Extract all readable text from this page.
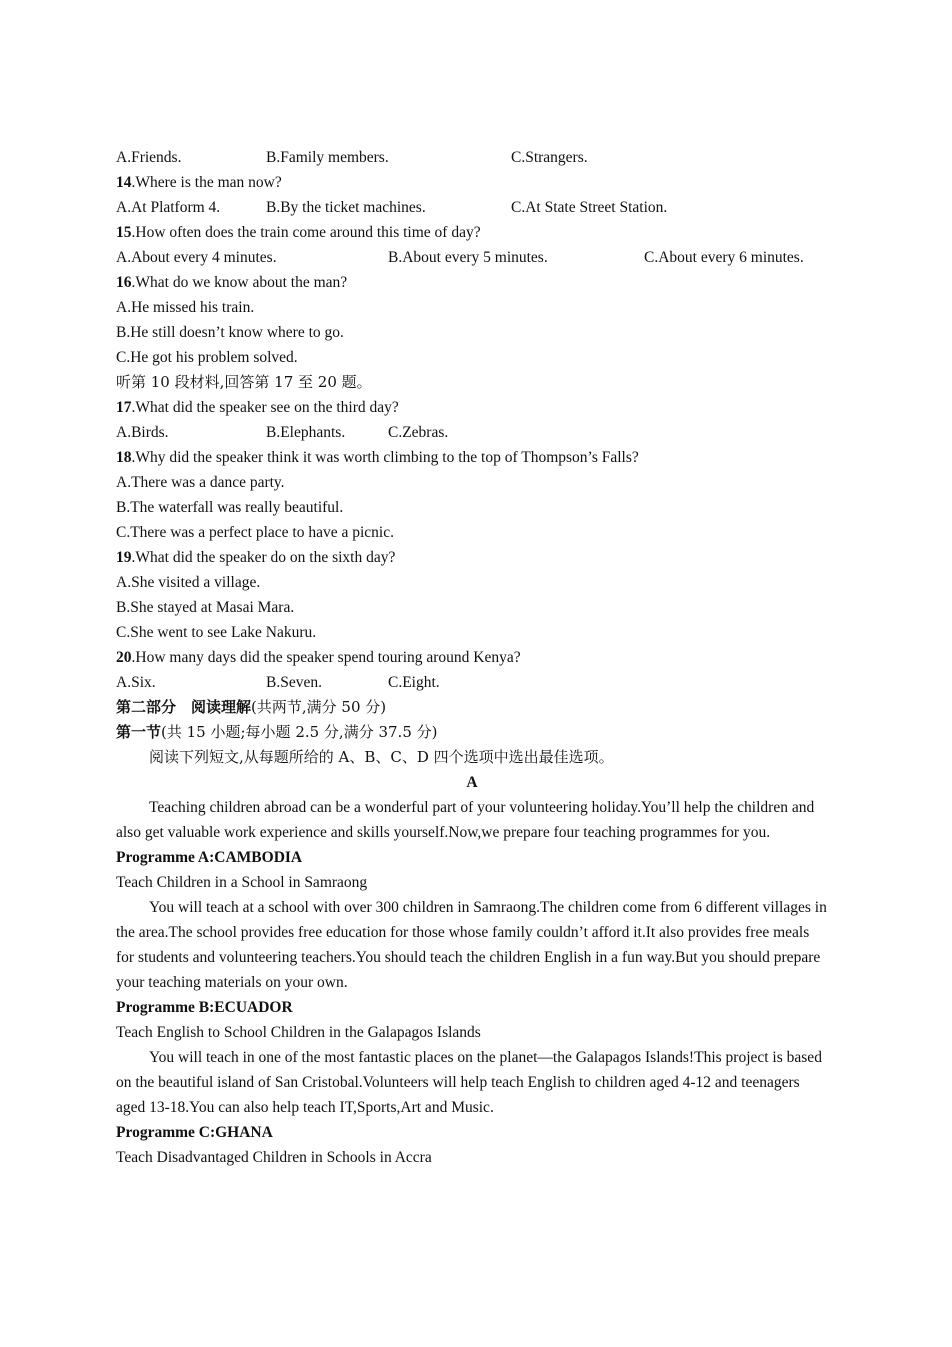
A.Friends.	B.Family members.	C.Strangers.
14.Where is the man now?
A.At Platform 4.	B.By the ticket machines.	C.At State Street Station.
15.How often does the train come around this time of day?
A.About every 4 minutes.	B.About every 5 minutes.	C.About every 6 minutes.
16.What do we know about the man?
A.He missed his train.
B.He still doesn’t know where to go.
C.He got his problem solved.
听第 10 段材料,回答第 17 至 20 题。
17.What did the speaker see on the third day?
A.Birds.	B.Elephants.	C.Zebras.
18.Why did the speaker think it was worth climbing to the top of Thompson’s Falls?
A.There was a dance party.
B.The waterfall was really beautiful.
C.There was a perfect place to have a picnic.
19.What did the speaker do on the sixth day?
A.She visited a village.
B.She stayed at Masai Mara.
C.She went to see Lake Nakuru.
20.How many days did the speaker spend touring around Kenya?
A.Six.	B.Seven.	C.Eight.
第二部分　阅读理解(共两节,满分 50 分)
第一节(共 15 小题;每小题 2.5 分,满分 37.5 分)
阅读下列短文,从每题所给的 A、B、C、D 四个选项中选出最佳选项。
A
Teaching children abroad can be a wonderful part of your volunteering holiday.You’ll help the children and also get valuable work experience and skills yourself.Now,we prepare four teaching programmes for you.
Programme A:CAMBODIA
Teach Children in a School in Samraong
You will teach at a school with over 300 children in Samraong.The children come from 6 different villages in the area.The school provides free education for those whose family couldn’t afford it.It also provides free meals for students and volunteering teachers.You should teach the children English in a fun way.But you should prepare your teaching materials on your own.
Programme B:ECUADOR
Teach English to School Children in the Galapagos Islands
You will teach in one of the most fantastic places on the planet—the Galapagos Islands!This project is based on the beautiful island of San Cristobal.Volunteers will help teach English to children aged 4-12 and teenagers aged 13-18.You can also help teach IT,Sports,Art and Music.
Programme C:GHANA
Teach Disadvantaged Children in Schools in Accra
